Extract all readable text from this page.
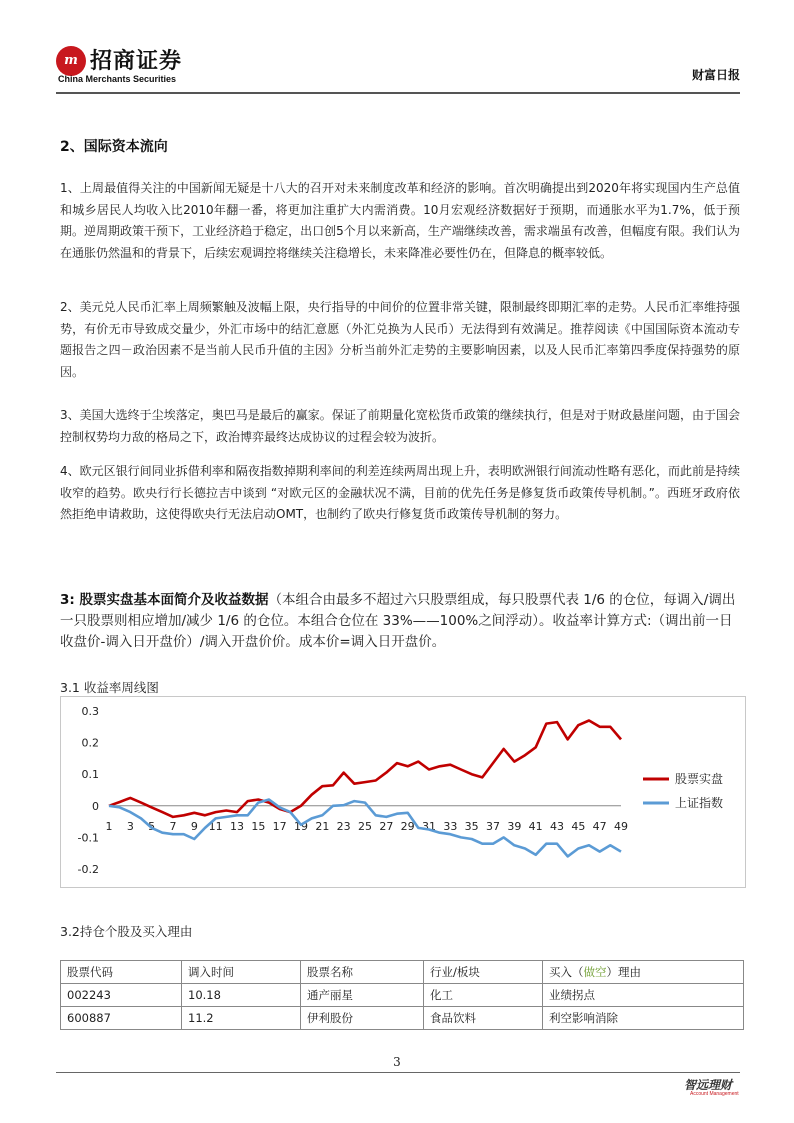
m 招商证券
China Merchants Securities	财富日报
2、国际资本流向
1、上周最值得关注的中国新闻无疑是十八大的召开对未来制度改革和经济的影响。首次明确提出到2020年将实现国内生产总值和城乡居民人均收入比2010年翻一番，将更加注重扩大内需消费。10月宏观经济数据好于预期，而通胀水平为1.7%，低于预期。逆周期政策干预下，工业经济趋于稳定，出口创5个月以来新高，生产端继续改善，需求端虽有改善，但幅度有限。我们认为在通胀仍然温和的背景下，后续宏观调控将继续关注稳增长，未来降准必要性仍在，但降息的概率较低。
2、美元兑人民币汇率上周频繁触及波幅上限，央行指导的中间价的位置非常关键，限制最终即期汇率的走势。人民币汇率维持强势，有价无市导致成交量少，外汇市场中的结汇意愿（外汇兑换为人民币）无法得到有效满足。推荐阅读《中国国际资本流动专题报告之四－政治因素不是当前人民币升值的主因》分析当前外汇走势的主要影响因素，以及人民币汇率第四季度保持强势的原因。
3、美国大选终于尘埃落定，奥巴马是最后的赢家。保证了前期量化宽松货币政策的继续执行，但是对于财政悬崖问题，由于国会控制权势均力敌的格局之下，政治博弈最终达成协议的过程会较为波折。
4、欧元区银行间同业拆借利率和隔夜指数掉期利率间的利差连续两周出现上升，表明欧洲银行间流动性略有恶化，而此前是持续收窄的趋势。欧央行行长德拉吉中谈到 “对欧元区的金融状况不满，目前的优先任务是修复货币政策传导机制。”。西班牙政府依然拒绝申请救助，这使得欧央行无法启动OMT，也制约了欧央行修复货币政策传导机制的努力。
3: 股票实盘基本面简介及收益数据（本组合由最多不超过六只股票组成，每只股票代表 1/6 的仓位，每调入/调出一只股票则相应增加/减少 1/6 的仓位。本组合仓位在 33%——100%之间浮动）。收益率计算方式:（调出前一日收盘价-调入日开盘价）/调入开盘价价。成本价=调入日开盘价。
3.1 收益率周线图
0.3
0.2
0.1
0
-0.1
-0.2
1 3 5 7 9 11 13 15 17 19 21 23 25 27 29 31 33 35 37 39 41 43 45 47 49
股票实盘
上证指数
3.2持仓个股及买入理由
股票代码	调入时间	股票名称	行业/板块	买入（做空）理由
002243	10.18	通产丽星	化工	业绩拐点
600887	11.2	伊利股份	食品饮料	利空影响消除
3
智远理财
Account Management
